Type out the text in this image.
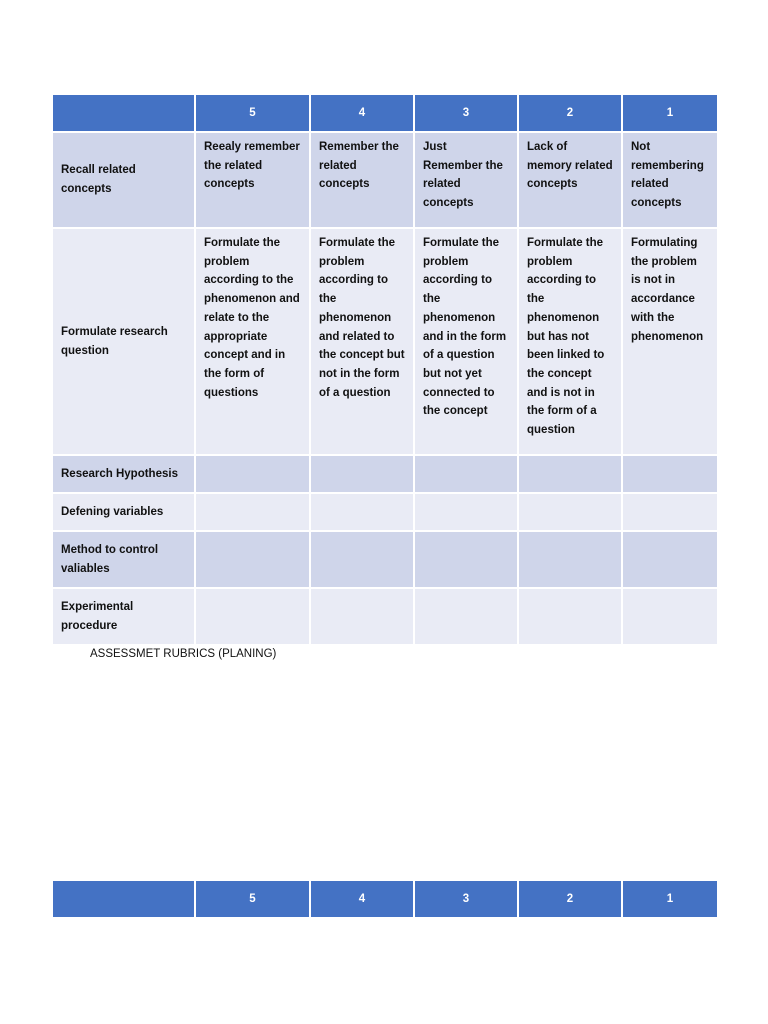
	5	4	3	2	1
Recall related concepts	Reealy remember the related concepts	Remember the related concepts	Just Remember the related concepts	Lack of memory related concepts	Not remembering related concepts
Formulate research question	Formulate the problem according to the phenomenon and relate to the appropriate concept and in the form of questions	Formulate the problem according to the phenomenon and related to the concept but not in the form of a question	Formulate the problem according to the phenomenon and in the form of a question but not yet connected to the concept	Formulate the problem according to the phenomenon but has not been linked to the concept and is not in the form of a question	Formulating the problem is not in accordance with the phenomenon
Research Hypothesis					
Defening variables					
Method to control valiables					
Experimental procedure					
ASSESSMET RUBRICS (PLANING)
	5	4	3	2	1
